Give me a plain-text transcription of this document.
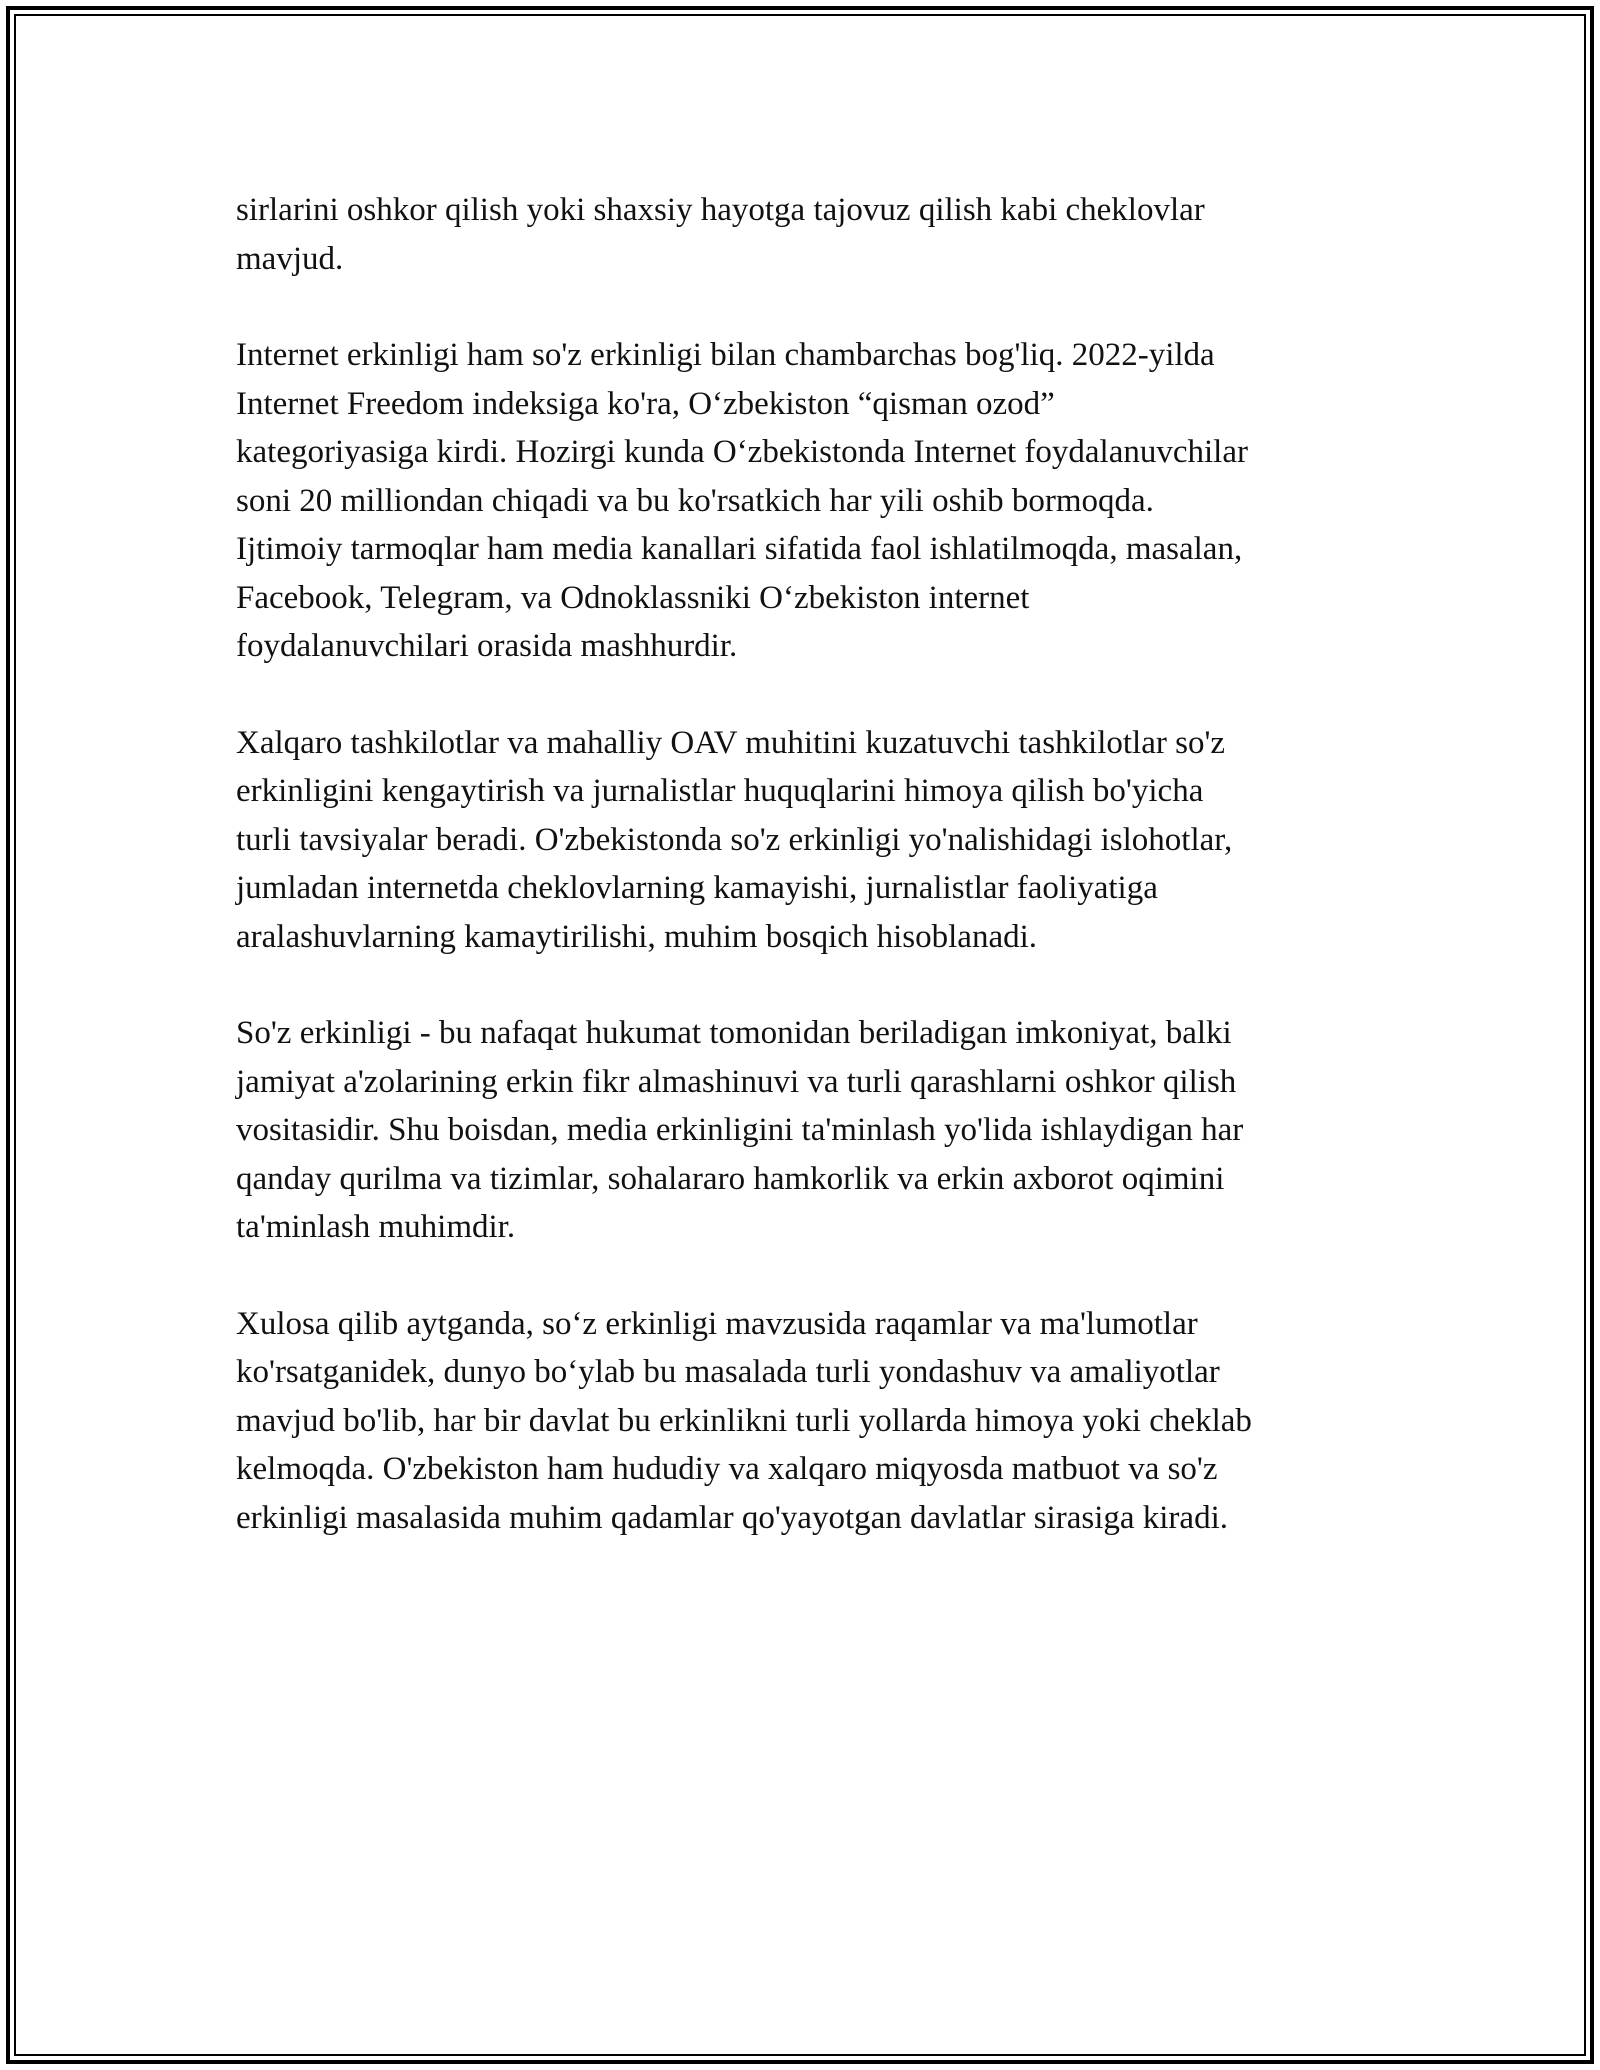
sirlarini oshkor qilish yoki shaxsiy hayotga tajovuz qilish kabi cheklovlar
mavjud.

Internet erkinligi ham so'z erkinligi bilan chambarchas bog'liq. 2022-yilda
Internet Freedom indeksiga ko'ra, O‘zbekiston “qisman ozod”
kategoriyasiga kirdi. Hozirgi kunda O‘zbekistonda Internet foydalanuvchilar
soni 20 milliondan chiqadi va bu ko'rsatkich har yili oshib bormoqda.
Ijtimoiy tarmoqlar ham media kanallari sifatida faol ishlatilmoqda, masalan,
Facebook, Telegram, va Odnoklassniki O‘zbekiston internet
foydalanuvchilari orasida mashhurdir.

Xalqaro tashkilotlar va mahalliy OAV muhitini kuzatuvchi tashkilotlar so'z
erkinligini kengaytirish va jurnalistlar huquqlarini himoya qilish bo'yicha
turli tavsiyalar beradi. O'zbekistonda so'z erkinligi yo'nalishidagi islohotlar,
jumladan internetda cheklovlarning kamayishi, jurnalistlar faoliyatiga
aralashuvlarning kamaytirilishi, muhim bosqich hisoblanadi.

So'z erkinligi - bu nafaqat hukumat tomonidan beriladigan imkoniyat, balki
jamiyat a'zolarining erkin fikr almashinuvi va turli qarashlarni oshkor qilish
vositasidir. Shu boisdan, media erkinligini ta'minlash yo'lida ishlaydigan har
qanday qurilma va tizimlar, sohalararo hamkorlik va erkin axborot oqimini
ta'minlash muhimdir.

Xulosa qilib aytganda, so‘z erkinligi mavzusida raqamlar va ma'lumotlar
ko'rsatganidek, dunyo bo‘ylab bu masalada turli yondashuv va amaliyotlar
mavjud bo'lib, har bir davlat bu erkinlikni turli yollarda himoya yoki cheklab
kelmoqda. O'zbekiston ham hududiy va xalqaro miqyosda matbuot va so'z
erkinligi masalasida muhim qadamlar qo'yayotgan davlatlar sirasiga kiradi.
